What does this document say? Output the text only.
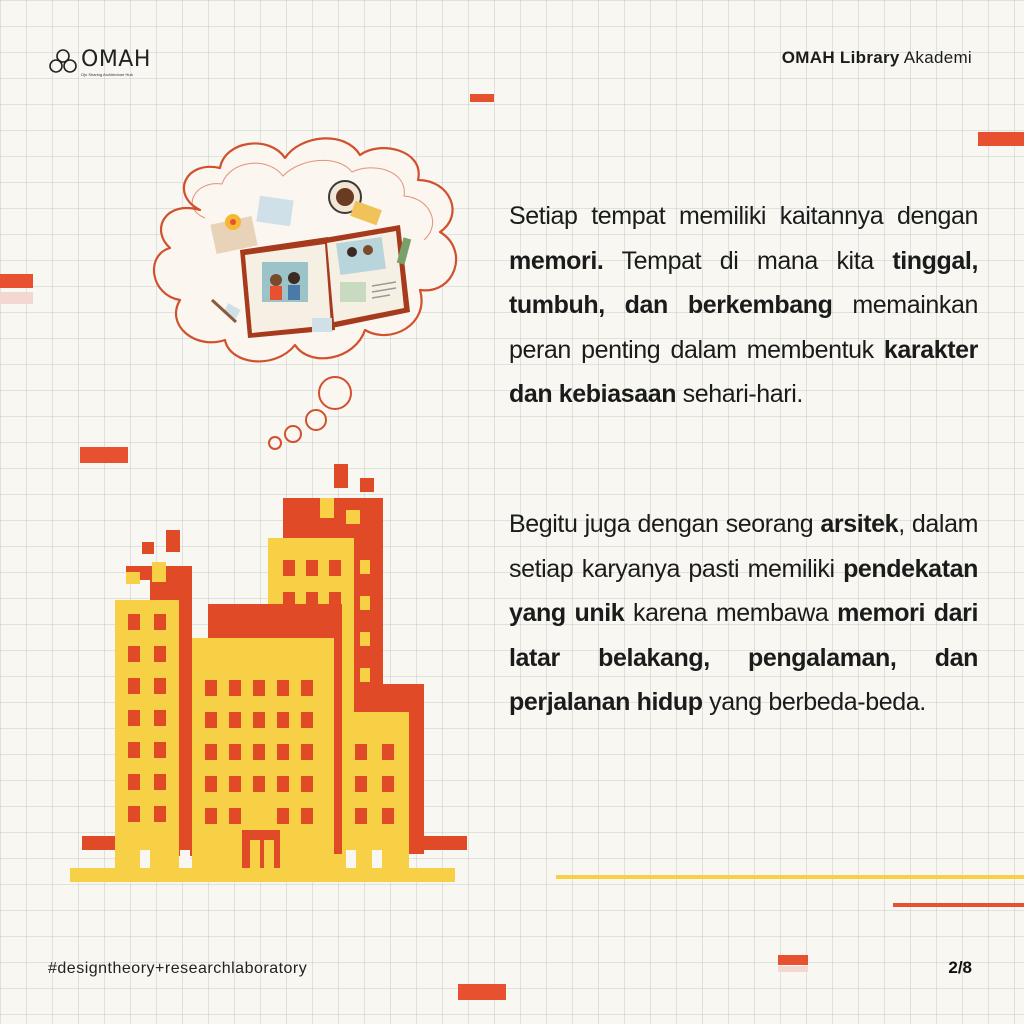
OMAH
Ojo Sharing Architecture Hub
OMAH Library Akademi
Setiap tempat memiliki kaitannya dengan memori. Tempat di mana kita tinggal, tumbuh, dan berkembang memainkan peran penting dalam membentuk karakter dan kebiasaan sehari-hari.
Begitu juga dengan seorang arsitek, dalam setiap karyanya pasti memiliki pendekatan yang unik karena membawa memori dari latar belakang, pengalaman, dan perjalanan hidup yang berbeda-beda.
#designtheory+researchlaboratory	2/8
